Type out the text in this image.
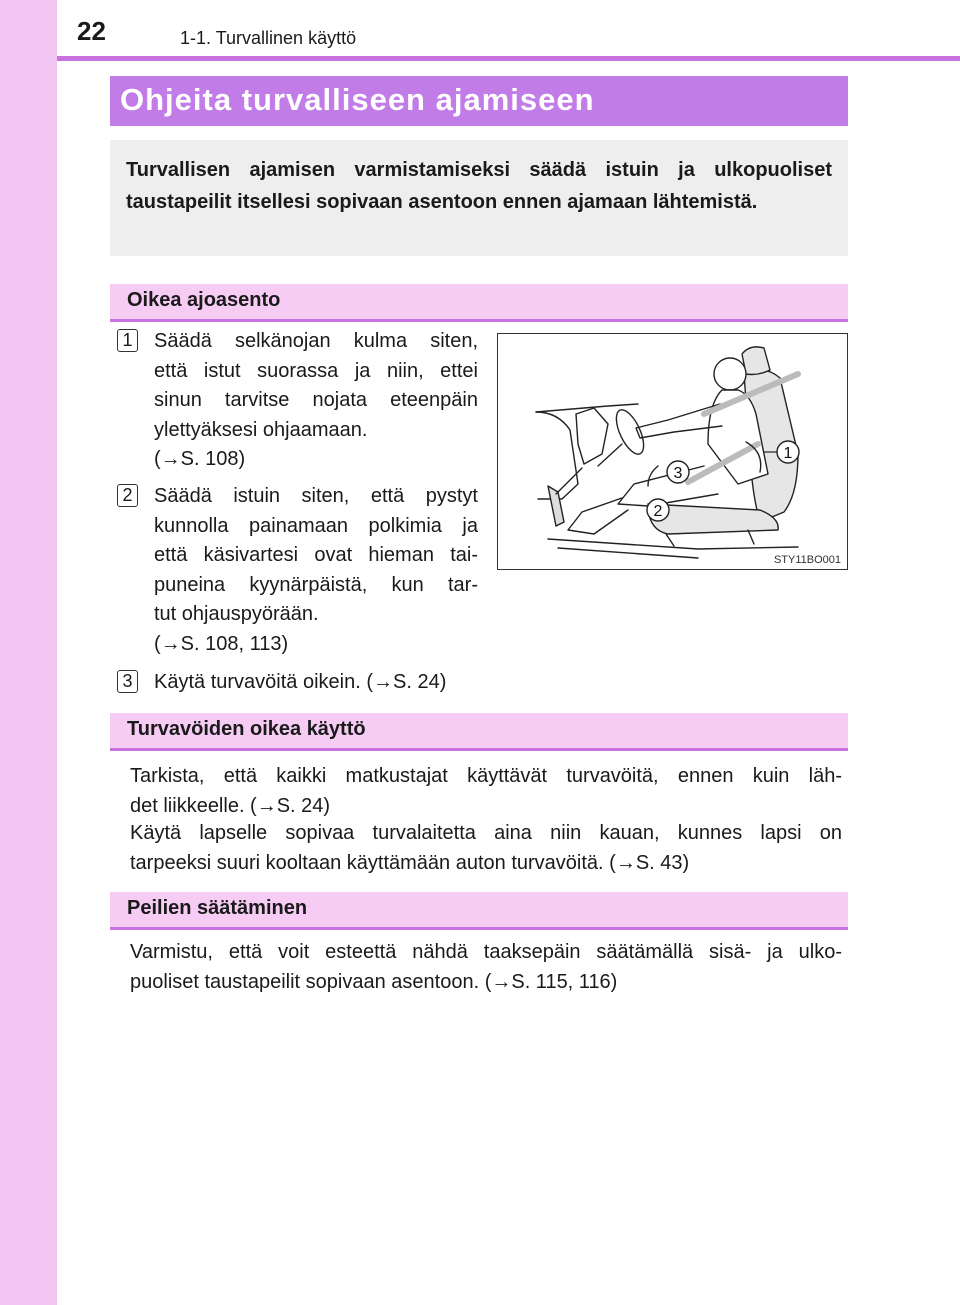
22	1-1. Turvallinen käyttö
Ohjeita turvalliseen ajamiseen

Turvallisen ajamisen varmistamiseksi säädä istuin ja ulkopuoliset taustapeilit itsellesi sopivaan asentoon ennen ajamaan lähtemistä.

Oikea ajoasento
1 Säädä selkänojan kulma siten,
että istut suorassa ja niin, ettei
sinun tarvitse nojata eteenpäin
ylettyäksesi ohjaamaan.
(→S. 108)
2 Säädä istuin siten, että pystyt
kunnolla painamaan polkimia ja
että käsivartesi ovat hieman tai-
puneina kyynärpäistä, kun tar-
tut ohjauspyörään.
(→S. 108, 113)
3 Käytä turvavöitä oikein. (→S. 24)
1
3
2
STY11BO001
Turvavöiden oikea käyttö
Tarkista, että kaikki matkustajat käyttävät turvavöitä, ennen kuin läh-
det liikkeelle. (→S. 24)
Käytä lapselle sopivaa turvalaitetta aina niin kauan, kunnes lapsi on
tarpeeksi suuri kooltaan käyttämään auton turvavöitä. (→S. 43)
Peilien säätäminen
Varmistu, että voit esteettä nähdä taaksepäin säätämällä sisä- ja ulko-
puoliset taustapeilit sopivaan asentoon. (→S. 115, 116)
